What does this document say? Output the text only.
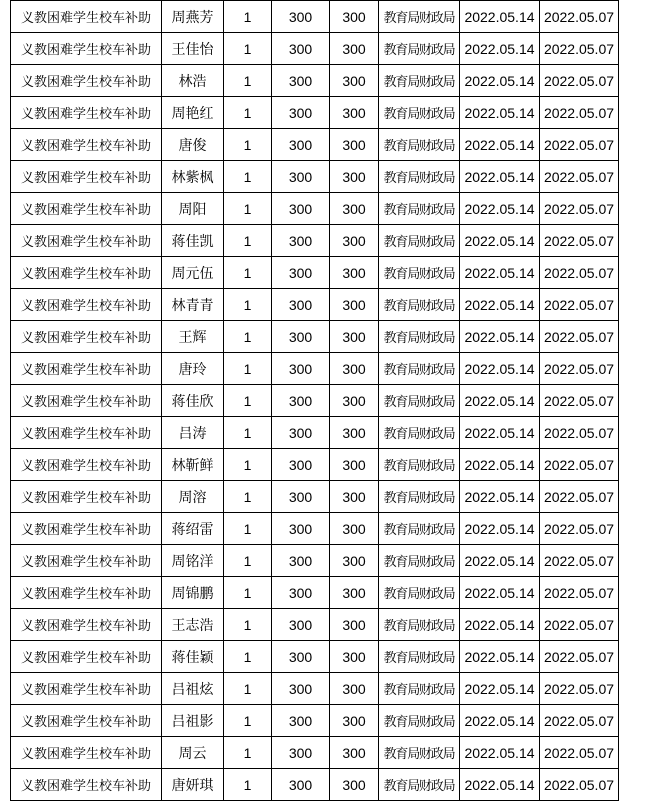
义教困难学生校车补助	周燕芳	1	300	300	教育局财政局	2022.05.14	2022.05.07
义教困难学生校车补助	王佳怡	1	300	300	教育局财政局	2022.05.14	2022.05.07
义教困难学生校车补助	林浩	1	300	300	教育局财政局	2022.05.14	2022.05.07
义教困难学生校车补助	周艳红	1	300	300	教育局财政局	2022.05.14	2022.05.07
义教困难学生校车补助	唐俊	1	300	300	教育局财政局	2022.05.14	2022.05.07
义教困难学生校车补助	林紫枫	1	300	300	教育局财政局	2022.05.14	2022.05.07
义教困难学生校车补助	周阳	1	300	300	教育局财政局	2022.05.14	2022.05.07
义教困难学生校车补助	蒋佳凯	1	300	300	教育局财政局	2022.05.14	2022.05.07
义教困难学生校车补助	周元伍	1	300	300	教育局财政局	2022.05.14	2022.05.07
义教困难学生校车补助	林青青	1	300	300	教育局财政局	2022.05.14	2022.05.07
义教困难学生校车补助	王辉	1	300	300	教育局财政局	2022.05.14	2022.05.07
义教困难学生校车补助	唐玲	1	300	300	教育局财政局	2022.05.14	2022.05.07
义教困难学生校车补助	蒋佳欣	1	300	300	教育局财政局	2022.05.14	2022.05.07
义教困难学生校车补助	吕涛	1	300	300	教育局财政局	2022.05.14	2022.05.07
义教困难学生校车补助	林靳鲜	1	300	300	教育局财政局	2022.05.14	2022.05.07
义教困难学生校车补助	周溶	1	300	300	教育局财政局	2022.05.14	2022.05.07
义教困难学生校车补助	蒋绍雷	1	300	300	教育局财政局	2022.05.14	2022.05.07
义教困难学生校车补助	周铭洋	1	300	300	教育局财政局	2022.05.14	2022.05.07
义教困难学生校车补助	周锦鹏	1	300	300	教育局财政局	2022.05.14	2022.05.07
义教困难学生校车补助	王志浩	1	300	300	教育局财政局	2022.05.14	2022.05.07
义教困难学生校车补助	蒋佳颖	1	300	300	教育局财政局	2022.05.14	2022.05.07
义教困难学生校车补助	吕祖炫	1	300	300	教育局财政局	2022.05.14	2022.05.07
义教困难学生校车补助	吕祖影	1	300	300	教育局财政局	2022.05.14	2022.05.07
义教困难学生校车补助	周云	1	300	300	教育局财政局	2022.05.14	2022.05.07
义教困难学生校车补助	唐妍琪	1	300	300	教育局财政局	2022.05.14	2022.05.07
